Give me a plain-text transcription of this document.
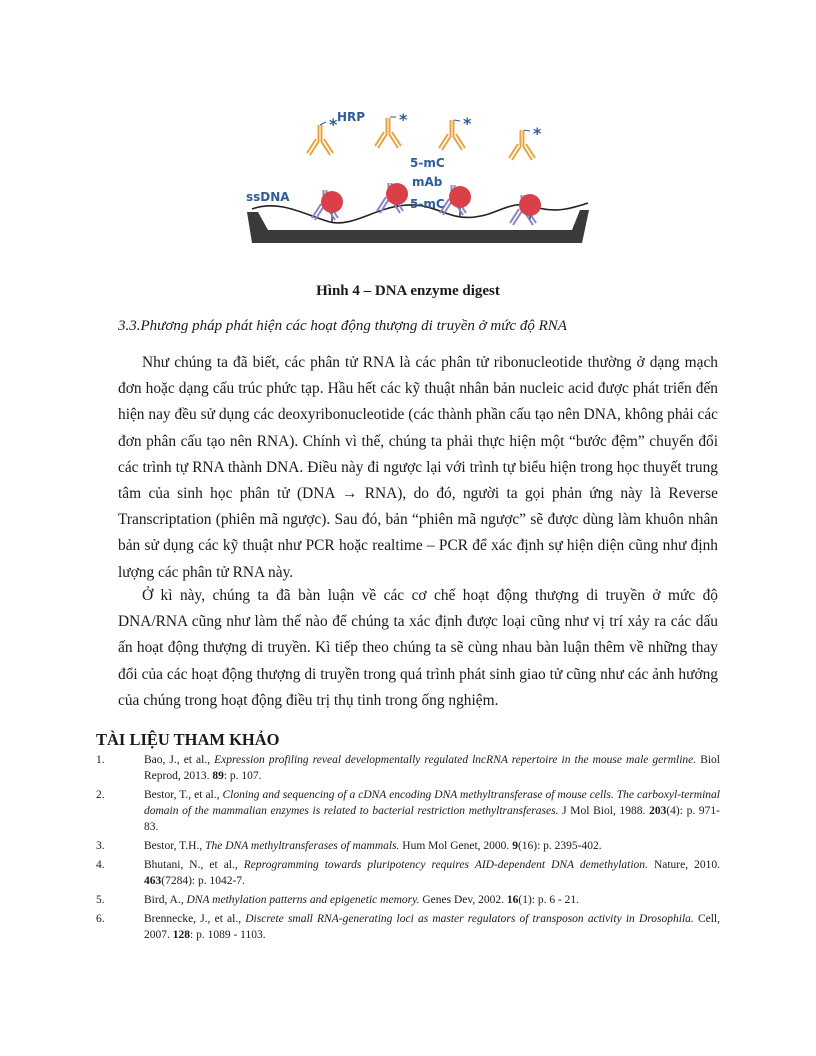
*	*	*
*
HRP
ssDNA
5-mC
mAb
5-mC
Hình 4 – DNA enzyme digest
3.3.Phương pháp phát hiện các hoạt động thượng di truyền ở mức độ RNA

Như chúng ta đã biết, các phân tử RNA là các phân tử ribonucleotide thường ở dạng mạch đơn hoặc dạng cấu trúc phức tạp. Hầu hết các kỹ thuật nhân bản nucleic acid được phát triển đến hiện nay đều sử dụng các deoxyribonucleotide (các thành phần cấu tạo nên DNA, không phải các đơn phân cấu tạo nên RNA). Chính vì thế, chúng ta phải thực hiện một “bước đệm” chuyển đổi các trình tự RNA thành DNA. Điều này đi ngược lại với trình tự biểu hiện trong học thuyết trung tâm của sinh học phân tử (DNA → RNA), do đó, người ta gọi phản ứng này là Reverse Transcriptation (phiên mã ngược). Sau đó, bản “phiên mã ngược” sẽ được dùng làm khuôn nhân bản sử dụng các kỹ thuật như PCR hoặc realtime – PCR để xác định sự hiện diện cũng như định lượng các phân tử RNA này.

Ở kì này, chúng ta đã bàn luận về các cơ chế hoạt động thượng di truyền ở mức độ DNA/RNA cũng như làm thế nào để chúng ta xác định được loại cũng như vị trí xảy ra các dấu ấn hoạt động thượng di truyền. Kì tiếp theo chúng ta sẽ cùng nhau bàn luận thêm về những thay đổi của các hoạt động thượng di truyền trong quá trình phát sinh giao tử cũng như các ảnh hưởng của chúng trong hoạt động điều trị thụ tinh trong ống nghiệm.

TÀI LIỆU THAM KHẢO
1.	Bao, J., et al., Expression profiling reveal developmentally regulated lncRNA repertoire in the mouse male germline. Biol Reprod, 2013. 89: p. 107.
2.	Bestor, T., et al., Cloning and sequencing of a cDNA encoding DNA methyltransferase of mouse cells. The carboxyl-terminal domain of the mammalian enzymes is related to bacterial restriction methyltransferases. J Mol Biol, 1988. 203(4): p. 971-83.
3.	Bestor, T.H., The DNA methyltransferases of mammals. Hum Mol Genet, 2000. 9(16): p. 2395-402.
4.	Bhutani, N., et al., Reprogramming towards pluripotency requires AID-dependent DNA demethylation. Nature, 2010. 463(7284): p. 1042-7.
5.	Bird, A., DNA methylation patterns and epigenetic memory. Genes Dev, 2002. 16(1): p. 6 - 21.
6.	Brennecke, J., et al., Discrete small RNA-generating loci as master regulators of transposon activity in Drosophila. Cell, 2007. 128: p. 1089 - 1103.
